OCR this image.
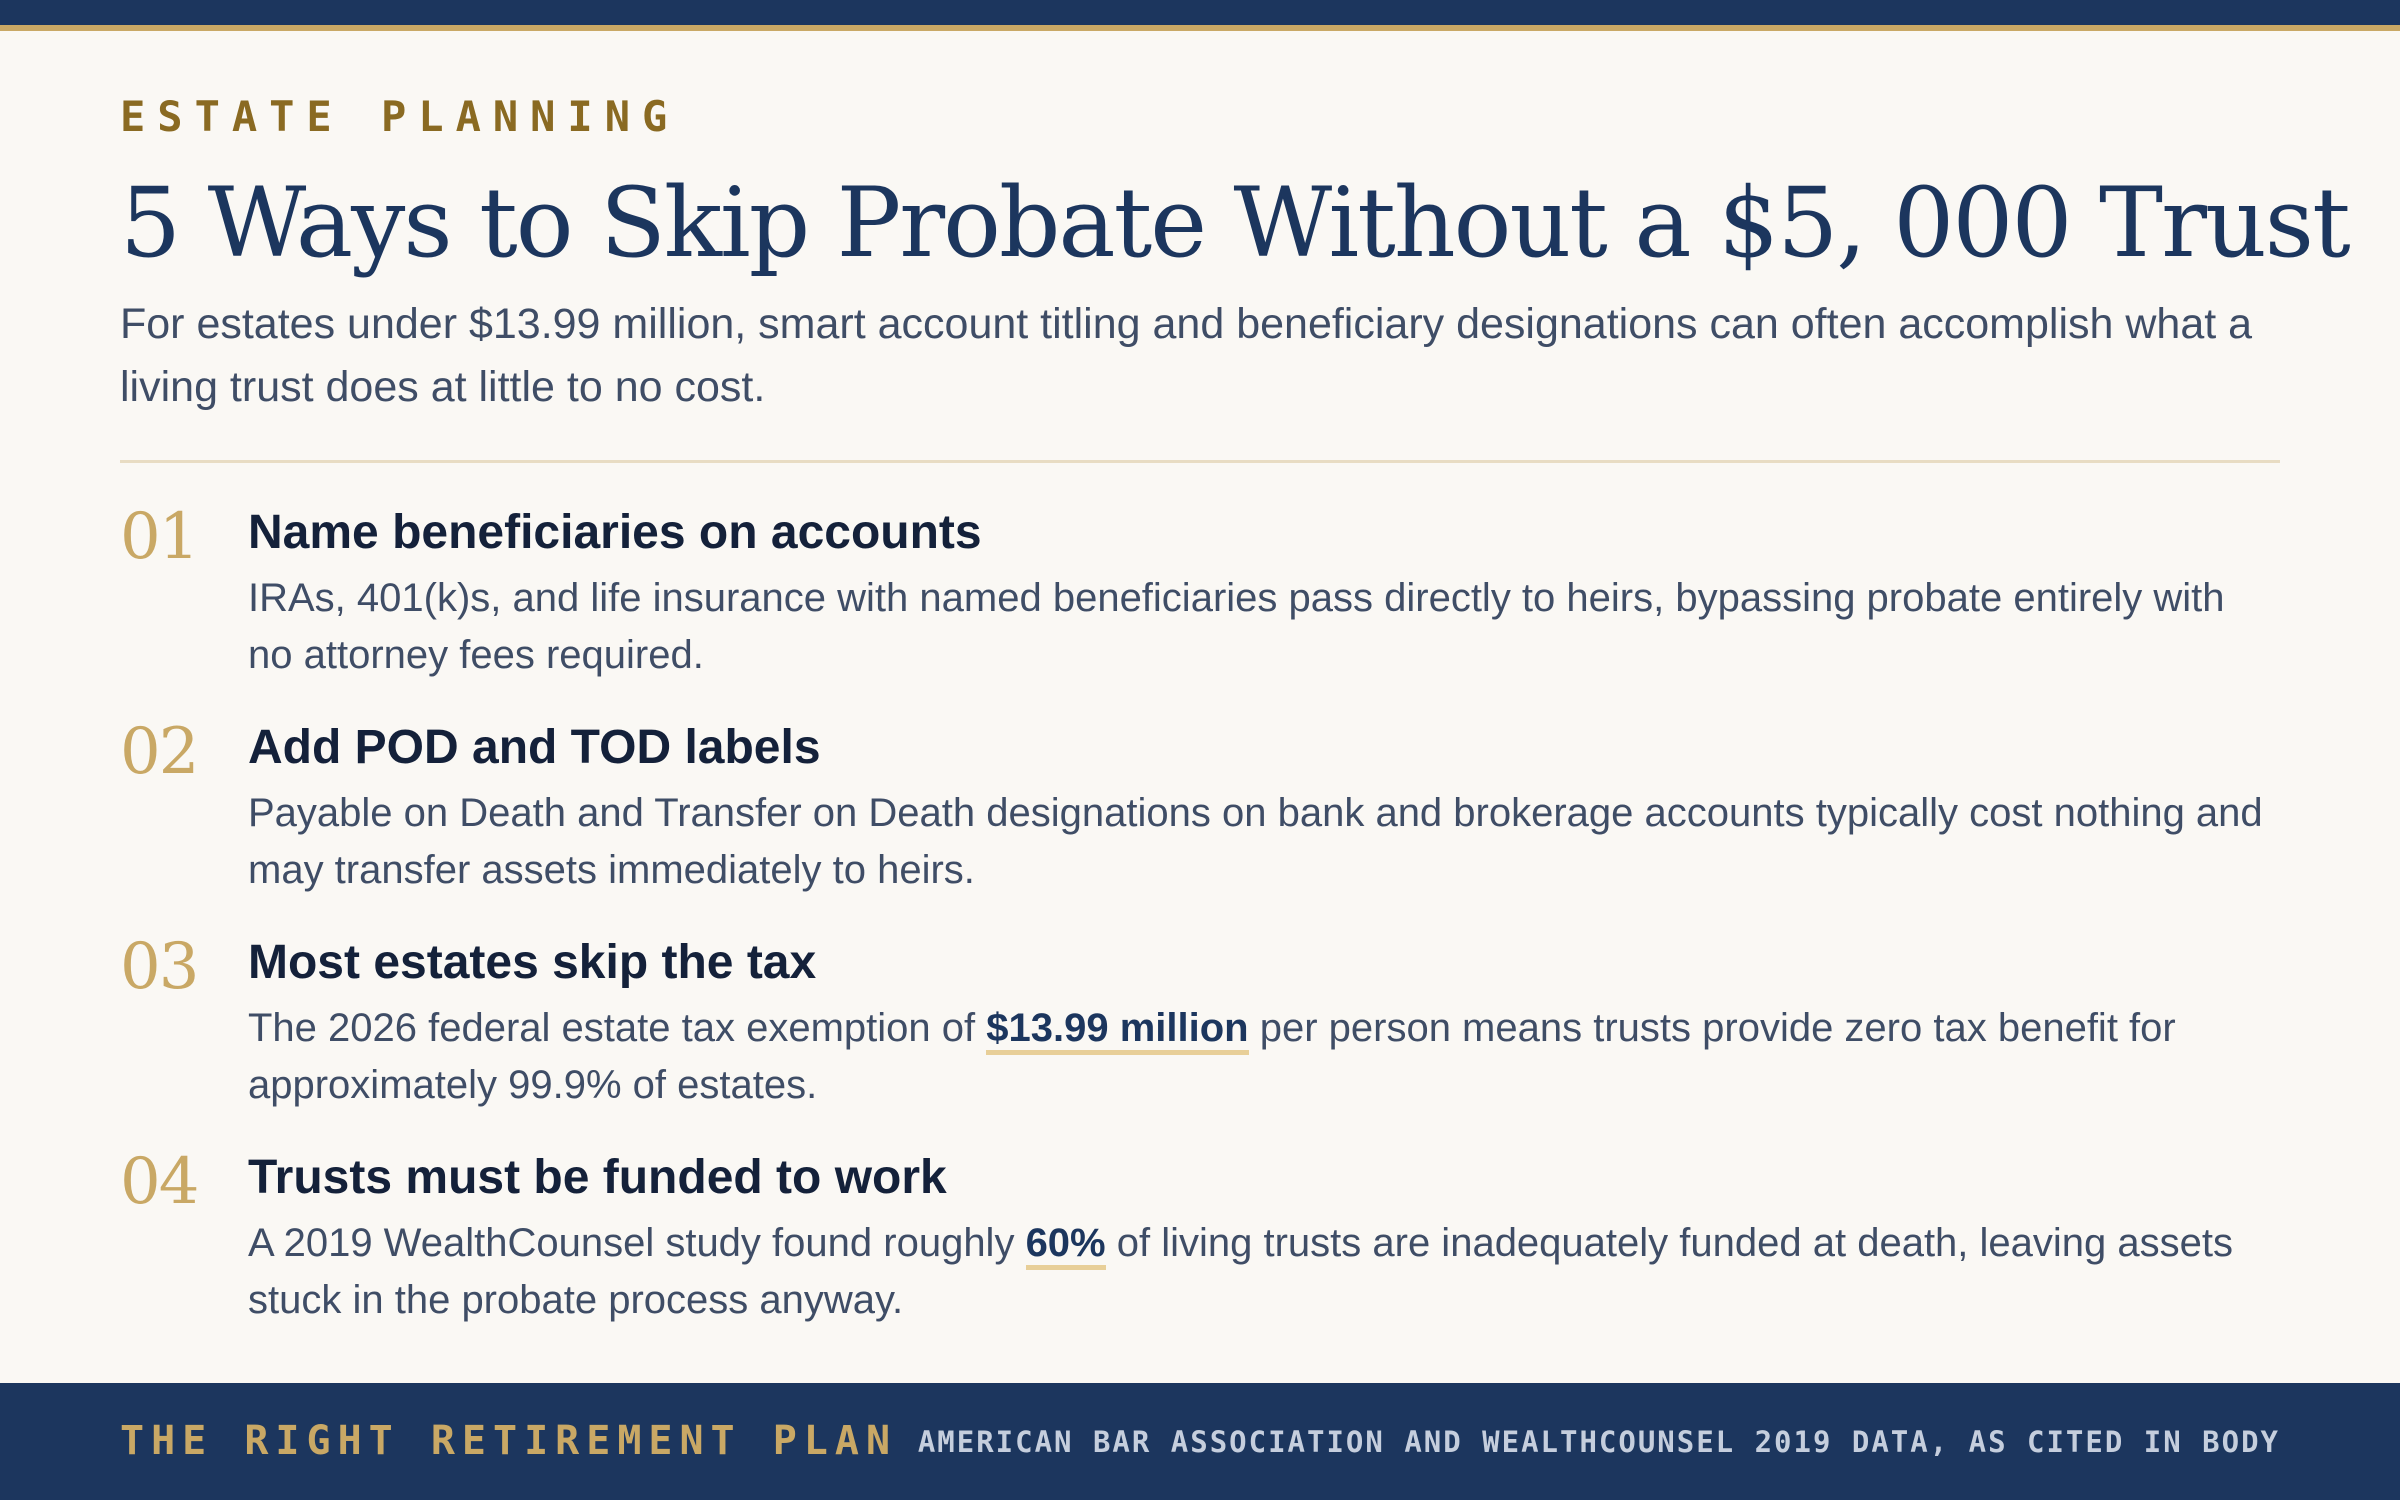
ESTATE PLANNING
5 Ways to Skip Probate Without a $5, 000 Trust

For estates under $13.99 million, smart account titling and beneficiary designations can often accomplish what a living trust does at little to no cost.

01 Name beneficiaries on accounts

IRAs, 401(k)s, and life insurance with named beneficiaries pass directly to heirs, bypassing probate entirely with no attorney fees required.

02 Add POD and TOD labels

Payable on Death and Transfer on Death designations on bank and brokerage accounts typically cost nothing and may transfer assets immediately to heirs.

03 Most estates skip the tax

The 2026 federal estate tax exemption of $13.99 million per person means trusts provide zero tax benefit for approximately 99.9% of estates.

04 Trusts must be funded to work

A 2019 WealthCounsel study found roughly 60% of living trusts are inadequately funded at death, leaving assets stuck in the probate process anyway.

THE RIGHT RETIREMENT PLAN AMERICAN BAR ASSOCIATION AND WEALTHCOUNSEL 2019 DATA, AS CITED IN BODY
